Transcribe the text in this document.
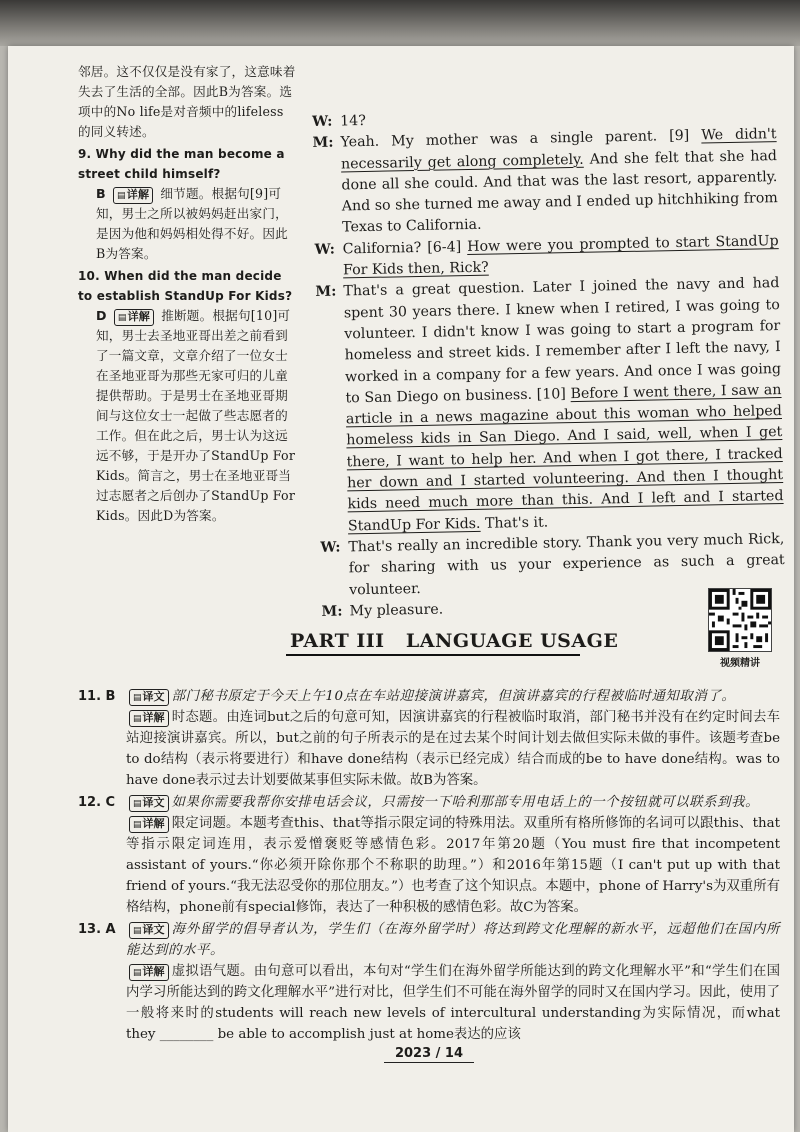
邻居。这不仅仅是没有家了，这意味着失去了生活的全部。因此B为答案。选项中的No life是对音频中的lifeless的同义转述。

9. Why did the man become a street child himself?

B ▤详解 细节题。根据句[9]可知，男士之所以被妈妈赶出家门，是因为他和妈妈相处得不好。因此B为答案。

10. When did the man decide to establish StandUp For Kids?

D ▤详解 推断题。根据句[10]可知，男士去圣地亚哥出差之前看到了一篇文章，文章介绍了一位女士在圣地亚哥为那些无家可归的儿童提供帮助。于是男士在圣地亚哥期间与这位女士一起做了些志愿者的工作。但在此之后，男士认为这远远不够，于是开办了StandUp For Kids。简言之，男士在圣地亚哥当过志愿者之后创办了StandUp For Kids。因此D为答案。

W: 14?
M: Yeah. My mother was a single parent. [9] We didn't necessarily get along completely. And she felt that she had done all she could. And that was the last resort, apparently. And so she turned me away and I ended up hitchhiking from Texas to California.
W: California? [6-4] How were you prompted to start StandUp For Kids then, Rick?
M: That's a great question. Later I joined the navy and had spent 30 years there. I knew when I retired, I was going to volunteer. I didn't know I was going to start a program for homeless and street kids. I remember after I left the navy, I worked in a company for a few years. And once I was going to San Diego on business. [10] Before I went there, I saw an article in a news magazine about this woman who helped homeless kids in San Diego. And I said, well, when I get there, I want to help her. And when I got there, I tracked her down and I started volunteering. And then I thought kids need much more than this. And I left and I started StandUp For Kids. That's it.
W: That's really an incredible story. Thank you very much Rick, for sharing with us your experience as such a great volunteer.
M: My pleasure.
视频精讲
PART III   LANGUAGE USAGE
11. B	▤译文 部门秘书原定于今天上午10点在车站迎接演讲嘉宾，但演讲嘉宾的行程被临时通知取消了。

▤详解 时态题。由连词but之后的句意可知，因演讲嘉宾的行程被临时取消，部门秘书并没有在约定时间去车站迎接演讲嘉宾。所以，but之前的句子所表示的是在过去某个时间计划去做但实际未做的事件。该题考查be to do结构（表示将要进行）和have done结构（表示已经完成）结合而成的be to have done结构。was to have done表示过去计划要做某事但实际未做。故B为答案。

12. C	▤译文 如果你需要我帮你安排电话会议，只需按一下哈利那部专用电话上的一个按钮就可以联系到我。

▤详解 限定词题。本题考查this、that等指示限定词的特殊用法。双重所有格所修饰的名词可以跟this、that等指示限定词连用，表示爱憎褒贬等感情色彩。2017年第20题（You must fire that incompetent assistant of yours.“你必须开除你那个不称职的助理。”）和2016年第15题（I can't put up with that friend of yours.“我无法忍受你的那位朋友。”）也考查了这个知识点。本题中，phone of Harry's为双重所有格结构，phone前有special修饰，表达了一种积极的感情色彩。故C为答案。

13. A	▤译文 海外留学的倡导者认为，学生们（在海外留学时）将达到跨文化理解的新水平，远超他们在国内所能达到的水平。

▤详解 虚拟语气题。由句意可以看出，本句对“学生们在海外留学所能达到的跨文化理解水平”和“学生们在国内学习所能达到的跨文化理解水平”进行对比，但学生们不可能在海外留学的同时又在国内学习。因此，使用了一般将来时的students will reach new levels of intercultural understanding为实际情况，而what they ________ be able to accomplish just at home表达的应该

2023 / 14
